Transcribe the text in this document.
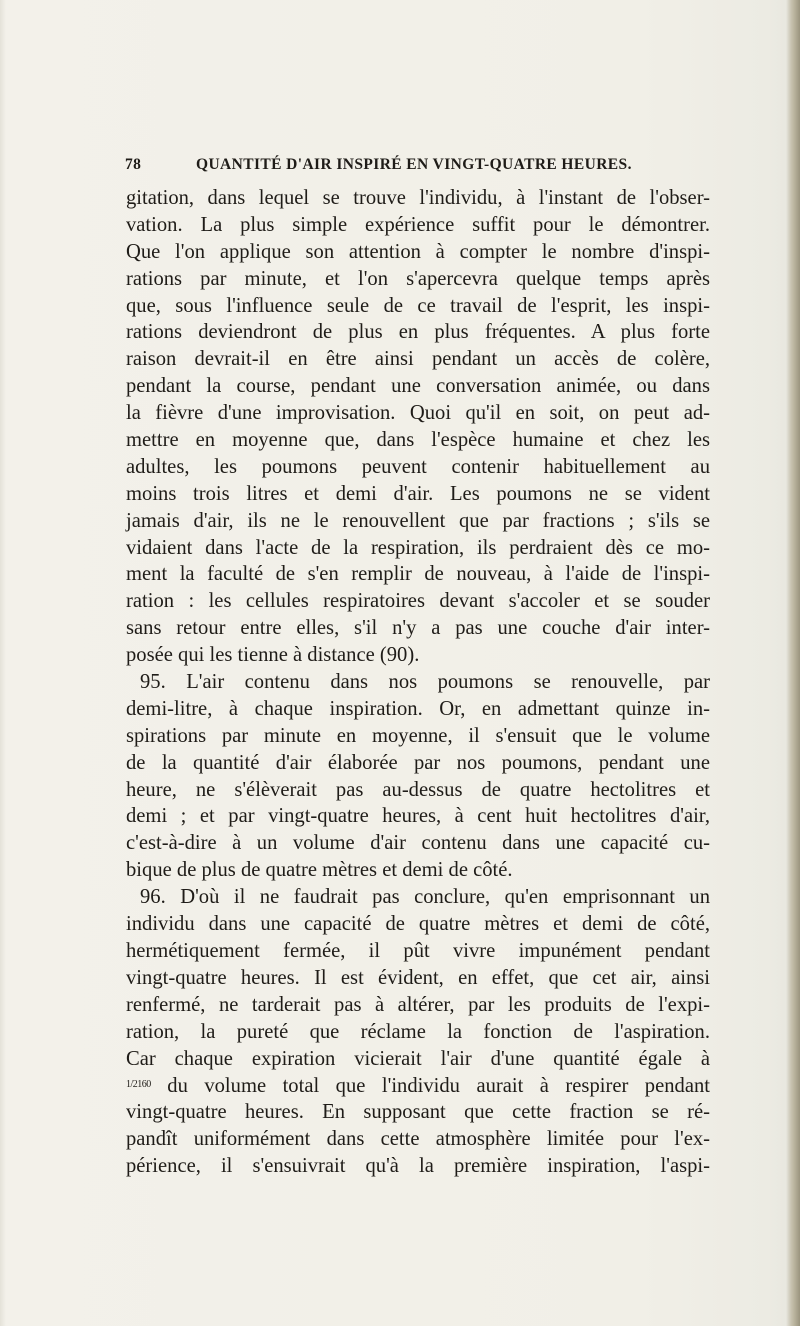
78	QUANTITÉ D'AIR INSPIRÉ EN VINGT-QUATRE HEURES.
gitation, dans lequel se trouve l'individu, à l'instant de l'obser-
vation. La plus simple expérience suffit pour le démontrer.
Que l'on applique son attention à compter le nombre d'inspi-
rations par minute, et l'on s'apercevra quelque temps après
que, sous l'influence seule de ce travail de l'esprit, les inspi-
rations deviendront de plus en plus fréquentes. A plus forte
raison devrait-il en être ainsi pendant un accès de colère,
pendant la course, pendant une conversation animée, ou dans
la fièvre d'une improvisation. Quoi qu'il en soit, on peut ad-
mettre en moyenne que, dans l'espèce humaine et chez les
adultes, les poumons peuvent contenir habituellement au
moins trois litres et demi d'air. Les poumons ne se vident
jamais d'air, ils ne le renouvellent que par fractions ; s'ils se
vidaient dans l'acte de la respiration, ils perdraient dès ce mo-
ment la faculté de s'en remplir de nouveau, à l'aide de l'inspi-
ration : les cellules respiratoires devant s'accoler et se souder
sans retour entre elles, s'il n'y a pas une couche d'air inter-
posée qui les tienne à distance (90).
95. L'air contenu dans nos poumons se renouvelle, par
demi-litre, à chaque inspiration. Or, en admettant quinze in-
spirations par minute en moyenne, il s'ensuit que le volume
de la quantité d'air élaborée par nos poumons, pendant une
heure, ne s'élèverait pas au-dessus de quatre hectolitres et
demi ; et par vingt-quatre heures, à cent huit hectolitres d'air,
c'est-à-dire à un volume d'air contenu dans une capacité cu-
bique de plus de quatre mètres et demi de côté.
96. D'où il ne faudrait pas conclure, qu'en emprisonnant un
individu dans une capacité de quatre mètres et demi de côté,
hermétiquement fermée, il pût vivre impunément pendant
vingt-quatre heures. Il est évident, en effet, que cet air, ainsi
renfermé, ne tarderait pas à altérer, par les produits de l'expi-
ration, la pureté que réclame la fonction de l'aspiration.
Car chaque expiration vicierait l'air d'une quantité égale à
$^{1/2160}$ du volume total que l'individu aurait à respirer pendant
vingt-quatre heures. En supposant que cette fraction se ré-
pandît uniformément dans cette atmosphère limitée pour l'ex-
périence, il s'ensuivrait qu'à la première inspiration, l'aspi-
